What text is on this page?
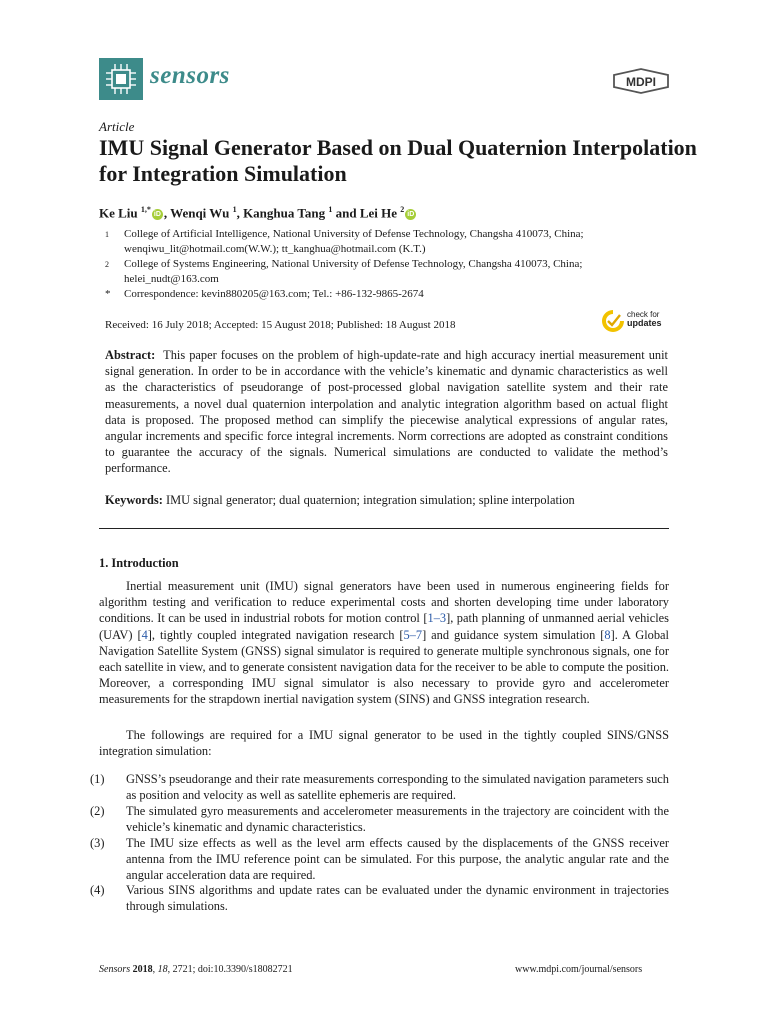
sensors	MDPI
Article
IMU Signal Generator Based on Dual Quaternion Interpolation for Integration Simulation
Ke Liu $^{1,*}$iD , Wenqi Wu $^1$, Kanghua Tang $^1$ and Lei He $^2$iD
1	College of Artificial Intelligence, National University of Defense Technology, Changsha 410073, China; wenqiwu_lit@hotmail.com(W.W.); tt_kanghua@hotmail.com (K.T.)
2	College of Systems Engineering, National University of Defense Technology, Changsha 410073, China; helei_nudt@163.com
*	Correspondence: kevin880205@163.com; Tel.: +86-132-9865-2674
Received: 16 July 2018; Accepted: 15 August 2018; Published: 18 August 2018
check for
updates
Abstract: This paper focuses on the problem of high-update-rate and high accuracy inertial measurement unit signal generation. In order to be in accordance with the vehicle’s kinematic and dynamic characteristics as well as the characteristics of pseudorange of post-processed global navigation satellite system and their rate measurements, a novel dual quaternion interpolation and analytic integration algorithm based on actual flight data is proposed. The proposed method can simplify the piecewise analytical expressions of angular rates, angular increments and specific force integral increments. Norm corrections are adopted as constraint conditions to guarantee the accuracy of the signals. Numerical simulations are conducted to validate the method’s performance.
Keywords: IMU signal generator; dual quaternion; integration simulation; spline interpolation
1. Introduction
Inertial measurement unit (IMU) signal generators have been used in numerous engineering fields for algorithm testing and verification to reduce experimental costs and shorten developing time under laboratory conditions. It can be used in industrial robots for motion control [1–3], path planning of unmanned aerial vehicles (UAV) [4], tightly coupled integrated navigation research [5–7] and guidance system simulation [8]. A Global Navigation Satellite System (GNSS) signal simulator is required to generate multiple synchronous signals, one for each satellite in view, and to generate consistent navigation data for the receiver to be able to compute the position. Moreover, a corresponding IMU signal simulator is also necessary to provide gyro and accelerometer measurements for the strapdown inertial navigation system (SINS) and GNSS integration research.
The followings are required for a IMU signal generator to be used in the tightly coupled SINS/GNSS integration simulation:
(1) GNSS’s pseudorange and their rate measurements corresponding to the simulated navigation parameters such as position and velocity as well as satellite ephemeris are required.
(2) The simulated gyro measurements and accelerometer measurements in the trajectory are coincident with the vehicle’s kinematic and dynamic characteristics.
(3) The IMU size effects as well as the level arm effects caused by the displacements of the GNSS receiver antenna from the IMU reference point can be simulated. For this purpose, the analytic angular rate and the angular acceleration data are required.
(4) Various SINS algorithms and update rates can be evaluated under the dynamic environment in trajectories through simulations.
Sensors 2018, 18, 2721; doi:10.3390/s18082721	www.mdpi.com/journal/sensors
